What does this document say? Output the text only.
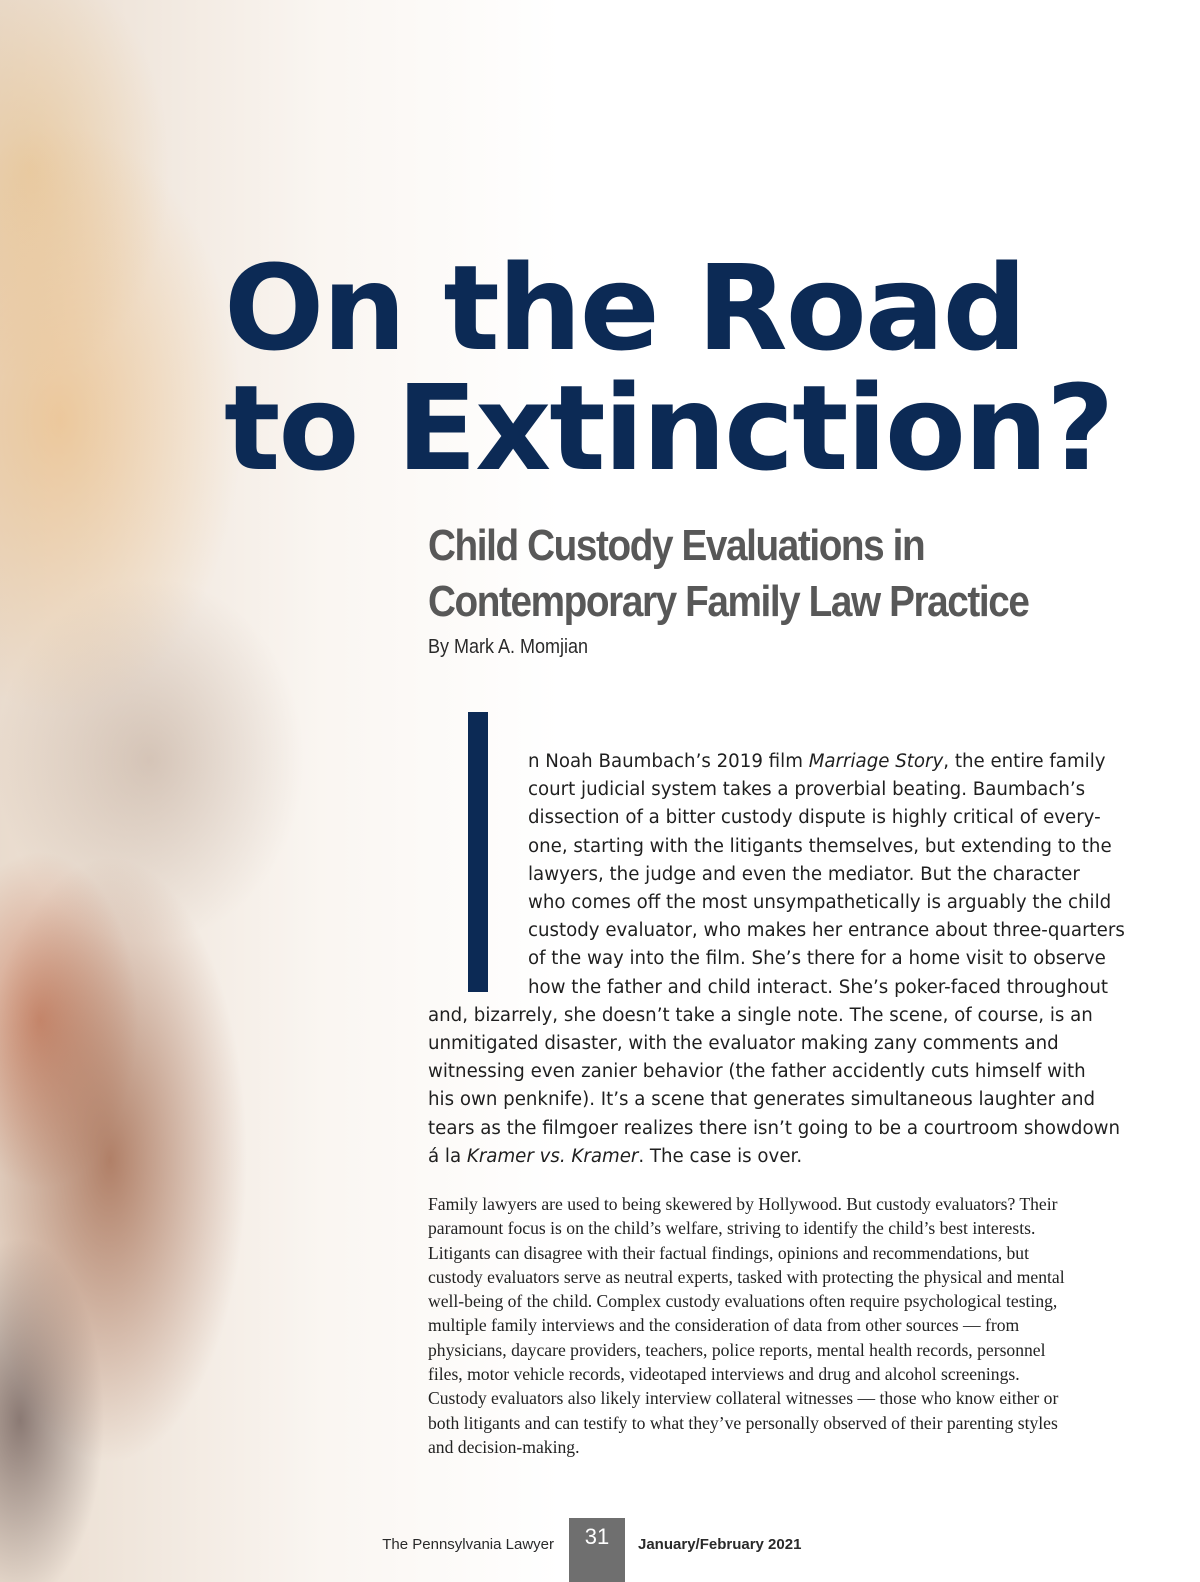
On the Road
to Extinction?
Child Custody Evaluations in
Contemporary Family Law Practice

By Mark A. Momjian

n Noah Baumbach’s 2019 film Marriage Story, the entire family
court judicial system takes a proverbial beating. Baumbach’s
dissection of a bitter custody dispute is highly critical of every-
one, starting with the litigants themselves, but extending to the
lawyers, the judge and even the mediator. But the character
who comes off the most unsympathetically is arguably the child
custody evaluator, who makes her entrance about three-quarters
of the way into the film. She’s there for a home visit to observe
how the father and child interact. She’s poker-faced throughout
and, bizarrely, she doesn’t take a single note. The scene, of course, is an
unmitigated disaster, with the evaluator making zany comments and
witnessing even zanier behavior (the father accidently cuts himself with
his own penknife). It’s a scene that generates simultaneous laughter and
tears as the filmgoer realizes there isn’t going to be a courtroom showdown
á la Kramer vs. Kramer. The case is over.

Family lawyers are used to being skewered by Hollywood. But custody evaluators? Their
paramount focus is on the child’s welfare, striving to identify the child’s best interests.
Litigants can disagree with their factual findings, opinions and recommendations, but
custody evaluators serve as neutral experts, tasked with protecting the physical and mental
well-being of the child. Complex custody evaluations often require psychological testing,
multiple family interviews and the consideration of data from other sources — from
physicians, daycare providers, teachers, police reports, mental health records, personnel
files, motor vehicle records, videotaped interviews and drug and alcohol screenings.
Custody evaluators also likely interview collateral witnesses — those who know either or
both litigants and can testify to what they’ve personally observed of their parenting styles
and decision-making.

The Pennsylvania Lawyer	31	January/February 2021
